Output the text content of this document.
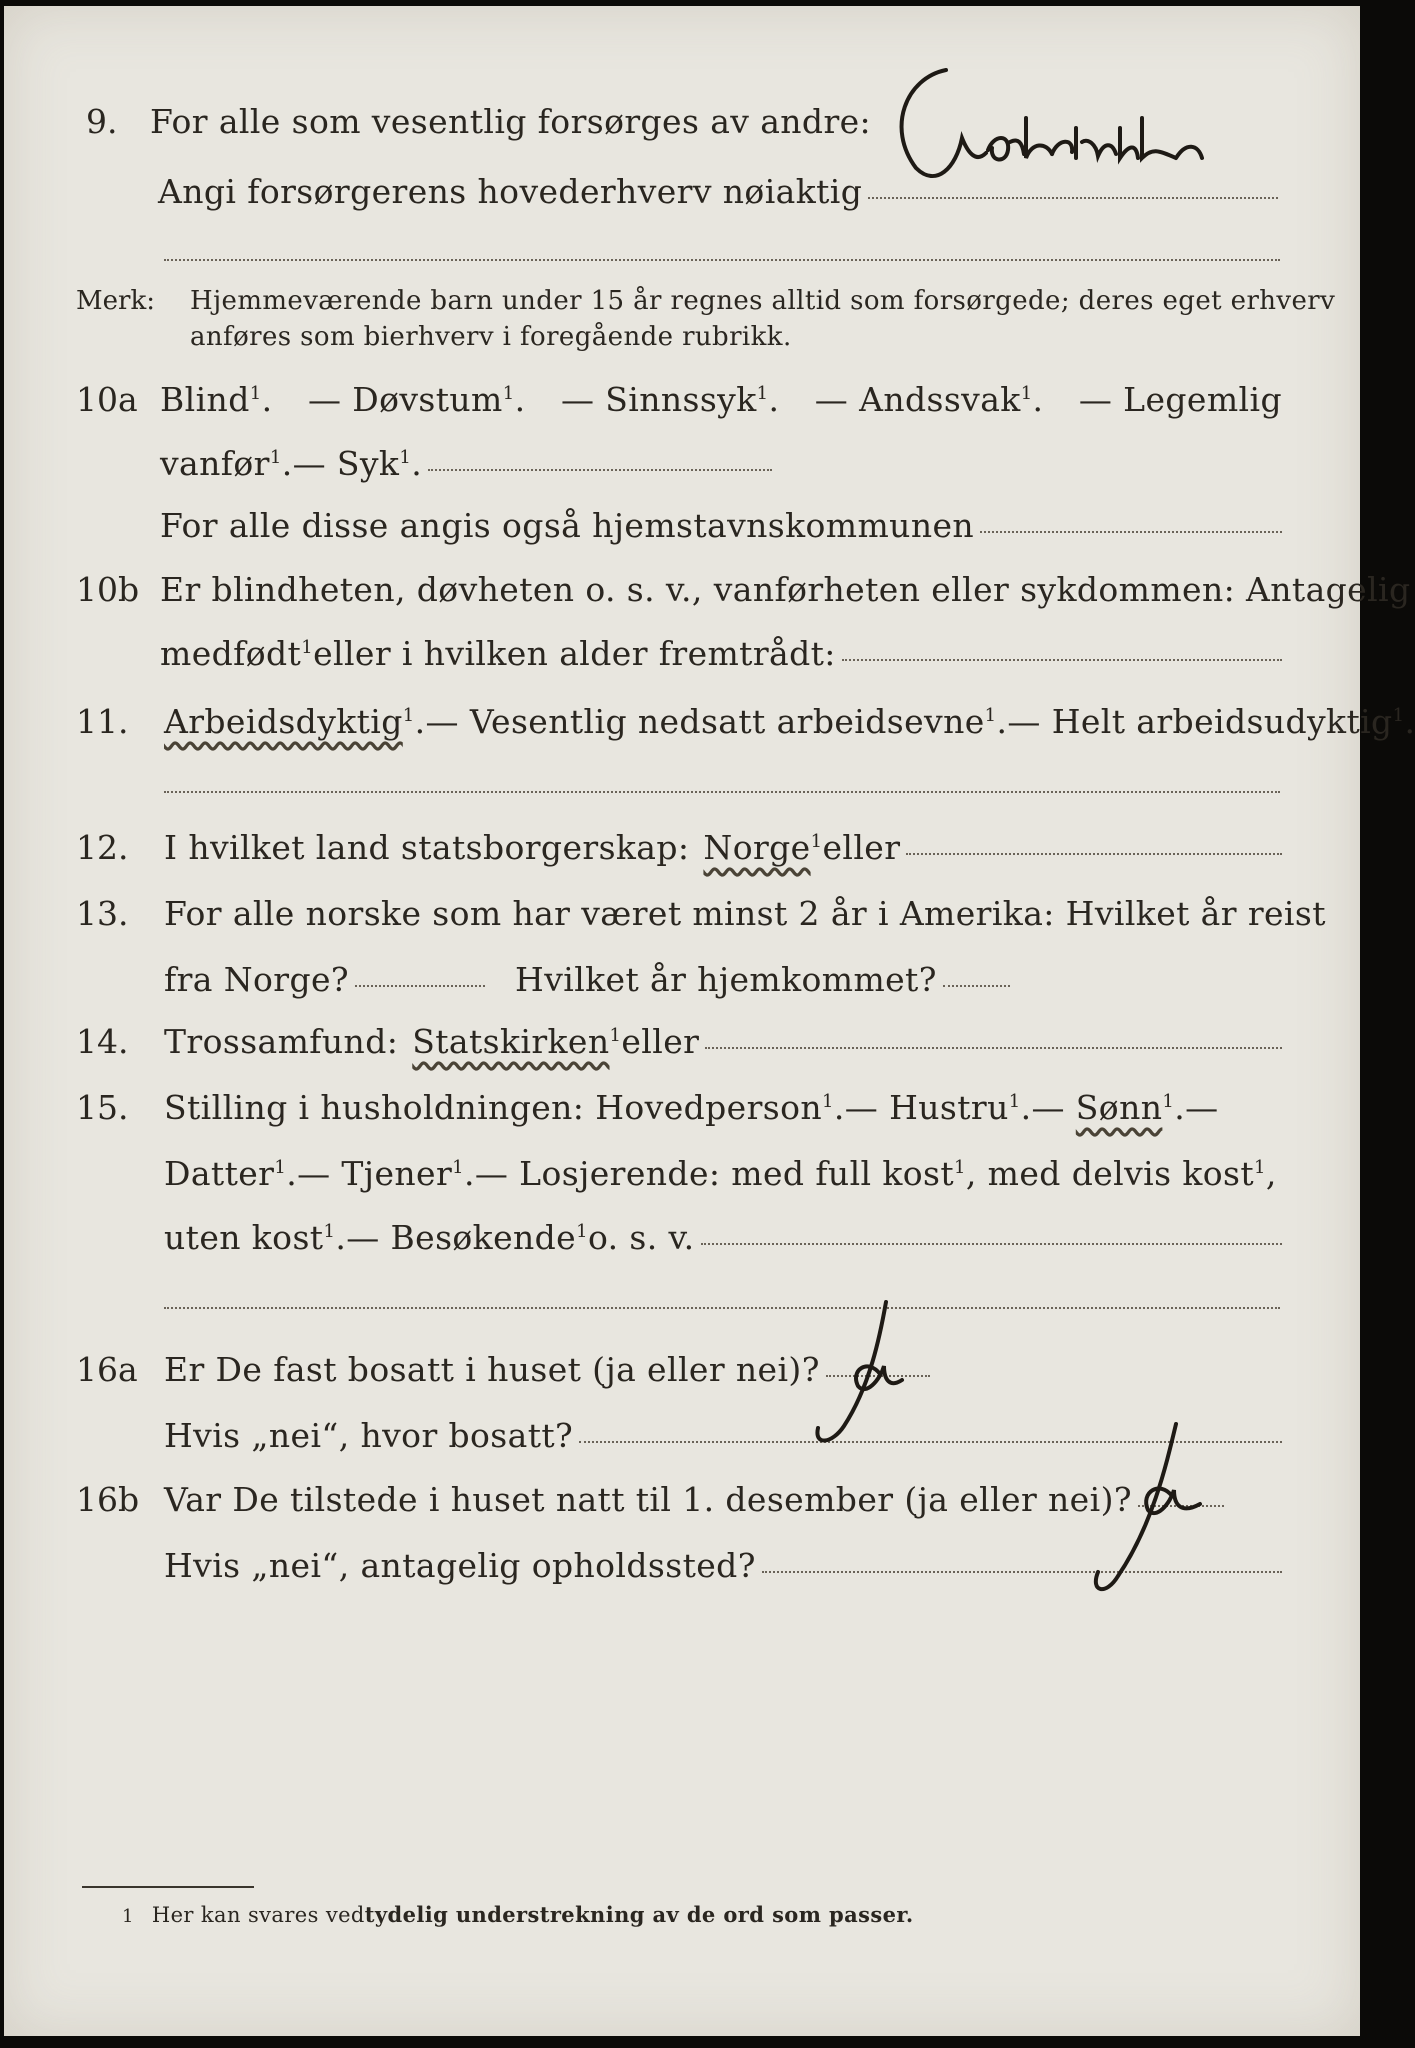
9. For alle som vesentlig forsørges av andre:
Angi forsørgerens hovederhverv nøiaktig
Gårdsbruker
Merk: Hjemmeværende barn under 15 år regnes alltid som forsørgede; deres eget erhverv
anføres som bierhverv i foregående rubrikk.
10a Blind$^1$. — Døvstum$^1$. — Sinnssyk$^1$. — Andssvak$^1$. — Legemlig
vanfør$^1$. — Syk$^1$.
For alle disse angis også hjemstavnskommunen
10b Er blindheten, døvheten o. s. v., vanførheten eller sykdommen: Antagelig
medfødt$^1$ eller i hvilken alder fremtrådt:
11. Arbeidsdyktig$^1$. — Vesentlig nedsatt arbeidsevne$^1$. — Helt arbeidsudyktig$^1$.
12. I hvilket land statsborgerskap: Norge$^1$ eller
13. For alle norske som har været minst 2 år i Amerika: Hvilket år reist
fra Norge?	Hvilket år hjemkommet?
14. Trossamfund: Statskirken$^1$ eller
15. Stilling i husholdningen: Hovedperson$^1$. — Hustru$^1$. — Sønn$^1$. —
Datter$^1$. — Tjener$^1$. — Losjerende: med full kost$^1$ , med delvis kost$^1$ ,
uten kost$^1$. — Besøkende$^1$ o. s. v.
16a Er De fast bosatt i huset (ja eller nei)?
Hvis „nei“, hvor bosatt?
Ja
16b Var De tilstede i huset natt til 1. desember (ja eller nei)?
Hvis „nei“, antagelig opholdssted?
Ja
1 Her kan svares ved tydelig understrekning av de ord som passer.
